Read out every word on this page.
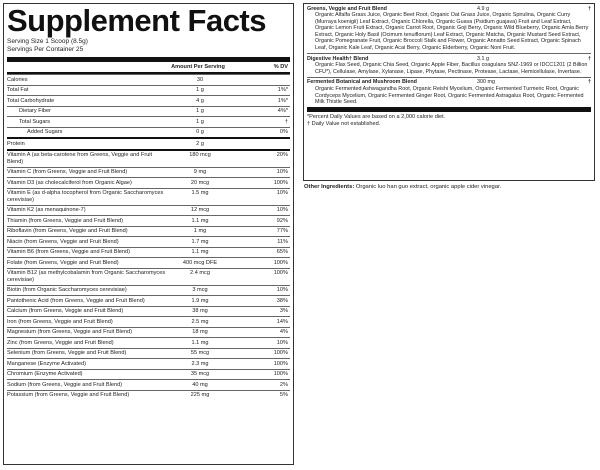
Supplement Facts
Serving Size 1 Scoop (8.5g)
Servings Per Container 25
Amount Per Serving	% DV
Calories	30
Total Fat	1 g	1%*
Total Carbohydrate	4 g	1%*
Dietary Fiber	1 g	4%*
Total Sugars	1 g	†
Added Sugars	0 g	0%
Protein	2 g
Vitamin A (as beta-carotene from Greens, Veggie and Fruit Blend)
180 mcg	20%
Vitamin C (from Greens, Veggie and Fruit Blend)	9 mg	10%
Vitamin D3 (as cholecalciferol from Organic Algae)	20 mcg	100%
Vitamin E (as d-alpha tocopherol from Organic Saccharomyces cerevisiae)
1.5 mg	10%
Vitamin K2 (as menaquinone-7)	12 mcg	10%
Thiamin (from Greens, Veggie and Fruit Blend)	1.1 mg	92%
Riboflavin (from Greens, Veggie and Fruit Blend)	1 mg	77%
Niacin (from Greens, Veggie and Fruit Blend)	1.7 mg	11%
Vitamin B6 (from Greens, Veggie and Fruit Blend)	1.1 mg	65%
Folate (from Greens, Veggie and Fruit Blend)	400 mcg DFE	100%
Vitamin B12 (as methylcobalamin from Organic Saccharomyces cerevisiae)
2.4 mcg	100%
Biotin (from Organic Saccharomyces cerevisiae)	3 mcg	10%
Pantothenic Acid (from Greens, Veggie and Fruit Blend)	1.9 mg	38%
Calcium (from Greens, Veggie and Fruit Blend)	38 mg	3%
Iron (from Greens, Veggie and Fruit Blend)	2.5 mg	14%
Magnesium (from Greens, Veggie and Fruit Blend)	18 mg	4%
Zinc (from Greens, Veggie and Fruit Blend)	1.1 mg	10%
Selenium (from Greens, Veggie and Fruit Blend)	55 mcg	100%
Manganese (Enzyme Activated)	2.3 mg	100%
Chromium (Enzyme Activated)	35 mcg	100%
Sodium (from Greens, Veggie and Fruit Blend)	40 mg	2%
Potassium (from Greens, Veggie and Fruit Blend)	225 mg	5%
Greens, Veggie and Fruit Blend	4.9 g	†
Organic Alfalfa Grass Juice, Organic Beet Root, Organic Oat Grass Juice, Organic Spirulina, Organic Curry (Murraya koenigii) Leaf Extract, Organic Chlorella, Organic Guava (Psidium guajava) Fruit and Leaf Extract, Organic Lemon Fruit Extract, Organic Carrot Root, Organic Goji Berry, Organic Wild Blueberry, Organic Amla Berry Extract, Organic Holy Basil (Ocimum tenuiflorum) Leaf Extract, Organic Matcha, Organic Mustard Seed Extract, Organic Pomegranate Fruit, Organic Broccoli Stalk and Flower, Organic Annatto Seed Extract, Organic Spinach Leaf, Organic Kale Leaf, Organic Acai Berry, Organic Elderberry, Organic Noni Fruit.
Digestive Health† Blend	3.1 g	†
Organic Flax Seed, Organic Chia Seed, Organic Apple Fiber, Bacillus coagulans SNZ-1969 or IDCC1201 (2 Billion CFU*), Cellulase, Amylase, Xylanase, Lipase, Phytase, Pectinase, Protease, Lactase, Hemicellulase, Invertase.
Fermented Botanical and Mushroom Blend	300 mg	†
Organic Fermented Ashwagandha Root, Organic Reishi Mycelium, Organic Fermented Turmeric Root, Organic Cordyceps Mycelium, Organic Fermented Ginger Root, Organic Fermented Astragalus Root, Organic Fermented Milk Thistle Seed.
*Percent Daily Values are based on a 2,000 calorie diet.
† Daily Value not established.
Other Ingredients: Organic luo han guo extract, organic apple cider vinegar.
